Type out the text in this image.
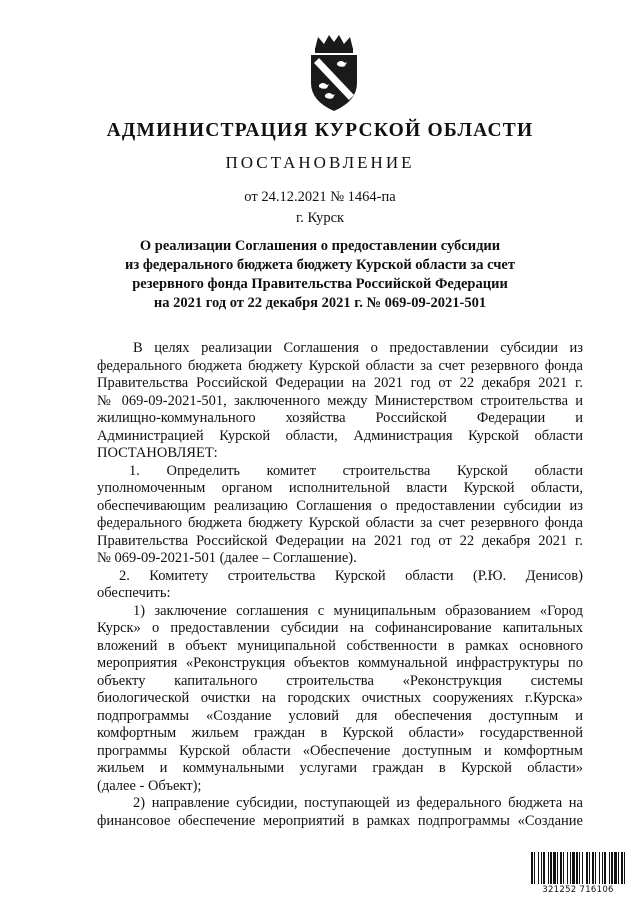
АДМИНИСТРАЦИЯ КУРСКОЙ ОБЛАСТИ
ПОСТАНОВЛЕНИЕ
от 24.12.2021 № 1464-па
г. Курск
О реализации Соглашения о предоставлении субсидии
из федерального бюджета бюджету Курской области за счет
резервного фонда Правительства Российской Федерации
на 2021 год от 22 декабря 2021 г. № 069-09-2021-501
В целях реализации Соглашения о предоставлении субсидии из
федерального бюджета бюджету Курской области за счет резервного фонда
Правительства Российской Федерации на 2021 год от 22 декабря 2021 г.
№ 069-09-2021-501, заключенного между Министерством строительства и
жилищно-коммунального хозяйства Российской Федерации и
Администрацией Курской области, Администрация Курской области
ПОСТАНОВЛЯЕТ:
1. Определить комитет строительства Курской области
уполномоченным органом исполнительной власти Курской области,
обеспечивающим реализацию Соглашения о предоставлении субсидии из
федерального бюджета бюджету Курской области за счет резервного фонда
Правительства Российской Федерации на 2021 год от 22 декабря 2021 г.
№ 069-09-2021-501 (далее – Соглашение).
2. Комитету строительства Курской области (Р.Ю. Денисов)
обеспечить:
1) заключение соглашения с муниципальным образованием «Город
Курск» о предоставлении субсидии на софинансирование капитальных
вложений в объект муниципальной собственности в рамках основного
мероприятия «Реконструкция объектов коммунальной инфраструктуры по
объекту капитального строительства «Реконструкция системы
биологической очистки на городских очистных сооружениях г.Курска»
подпрограммы «Создание условий для обеспечения доступным и
комфортным жильем граждан в Курской области» государственной
программы Курской области «Обеспечение доступным и комфортным
жильем и коммунальными услугами граждан в Курской области»
(далее - Объект);
2) направление субсидии, поступающей из федерального бюджета на
финансовое обеспечение мероприятий в рамках подпрограммы «Создание
321252 716106
